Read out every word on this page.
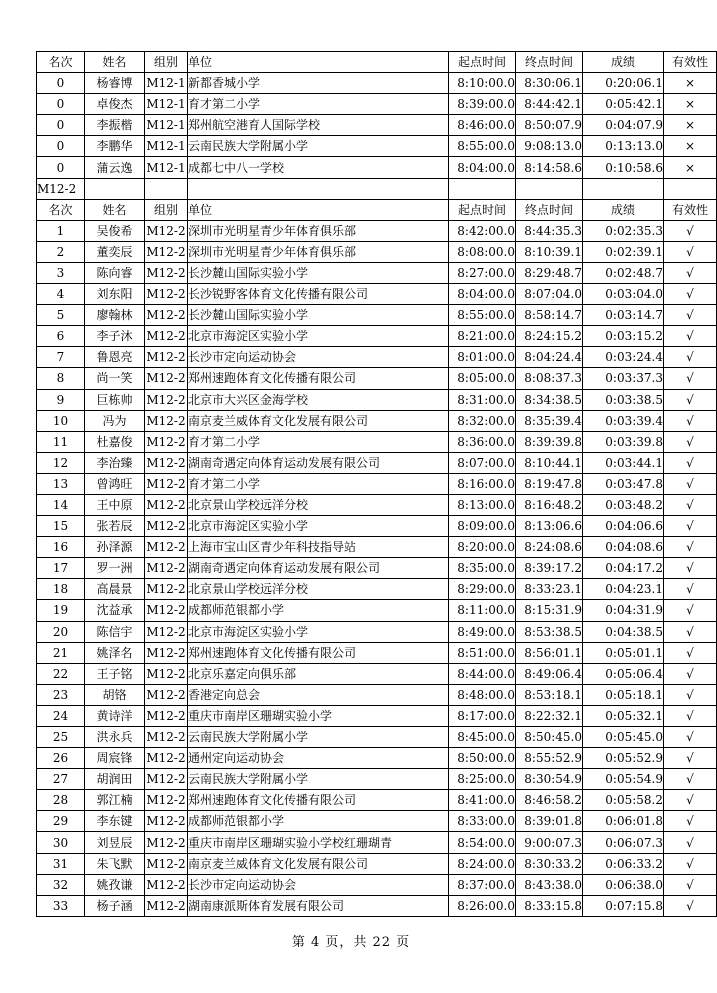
名次	姓名	组别	单位	起点时间	终点时间	成绩	有效性
0	杨睿博	M12-1	新都香城小学	8:10:00.0	8:30:06.1	0:20:06.1	×
0	卓俊杰	M12-1	育才第二小学	8:39:00.0	8:44:42.1	0:05:42.1	×
0	李振楷	M12-1	郑州航空港育人国际学校	8:46:00.0	8:50:07.9	0:04:07.9	×
0	李鹏华	M12-1	云南民族大学附属小学	8:55:00.0	9:08:13.0	0:13:13.0	×
0	蒲云逸	M12-1	成都七中八一学校	8:04:00.0	8:14:58.6	0:10:58.6	×
M12-2							
名次	姓名	组别	单位	起点时间	终点时间	成绩	有效性
1	吴俊希	M12-2	深圳市光明星青少年体育俱乐部	8:42:00.0	8:44:35.3	0:02:35.3	√
2	董奕辰	M12-2	深圳市光明星青少年体育俱乐部	8:08:00.0	8:10:39.1	0:02:39.1	√
3	陈向睿	M12-2	长沙麓山国际实验小学	8:27:00.0	8:29:48.7	0:02:48.7	√
4	刘东阳	M12-2	长沙锐野客体育文化传播有限公司	8:04:00.0	8:07:04.0	0:03:04.0	√
5	廖翰林	M12-2	长沙麓山国际实验小学	8:55:00.0	8:58:14.7	0:03:14.7	√
6	李子沐	M12-2	北京市海淀区实验小学	8:21:00.0	8:24:15.2	0:03:15.2	√
7	鲁恩亮	M12-2	长沙市定向运动协会	8:01:00.0	8:04:24.4	0:03:24.4	√
8	尚一笑	M12-2	郑州速跑体育文化传播有限公司	8:05:00.0	8:08:37.3	0:03:37.3	√
9	巨栋帅	M12-2	北京市大兴区金海学校	8:31:00.0	8:34:38.5	0:03:38.5	√
10	冯为	M12-2	南京麦兰威体育文化发展有限公司	8:32:00.0	8:35:39.4	0:03:39.4	√
11	杜嘉俊	M12-2	育才第二小学	8:36:00.0	8:39:39.8	0:03:39.8	√
12	李治臻	M12-2	湖南奇遇定向体育运动发展有限公司	8:07:00.0	8:10:44.1	0:03:44.1	√
13	曾鸿旺	M12-2	育才第二小学	8:16:00.0	8:19:47.8	0:03:47.8	√
14	王中原	M12-2	北京景山学校远洋分校	8:13:00.0	8:16:48.2	0:03:48.2	√
15	张若辰	M12-2	北京市海淀区实验小学	8:09:00.0	8:13:06.6	0:04:06.6	√
16	孙泽源	M12-2	上海市宝山区青少年科技指导站	8:20:00.0	8:24:08.6	0:04:08.6	√
17	罗一洲	M12-2	湖南奇遇定向体育运动发展有限公司	8:35:00.0	8:39:17.2	0:04:17.2	√
18	高晨景	M12-2	北京景山学校远洋分校	8:29:00.0	8:33:23.1	0:04:23.1	√
19	沈益承	M12-2	成都师范银都小学	8:11:00.0	8:15:31.9	0:04:31.9	√
20	陈信宇	M12-2	北京市海淀区实验小学	8:49:00.0	8:53:38.5	0:04:38.5	√
21	姚泽名	M12-2	郑州速跑体育文化传播有限公司	8:51:00.0	8:56:01.1	0:05:01.1	√
22	王子铭	M12-2	北京乐嘉定向俱乐部	8:44:00.0	8:49:06.4	0:05:06.4	√
23	胡铬	M12-2	香港定向总会	8:48:00.0	8:53:18.1	0:05:18.1	√
24	黄诗洋	M12-2	重庆市南岸区珊瑚实验小学	8:17:00.0	8:22:32.1	0:05:32.1	√
25	洪永兵	M12-2	云南民族大学附属小学	8:45:00.0	8:50:45.0	0:05:45.0	√
26	周宸锋	M12-2	通州定向运动协会	8:50:00.0	8:55:52.9	0:05:52.9	√
27	胡润田	M12-2	云南民族大学附属小学	8:25:00.0	8:30:54.9	0:05:54.9	√
28	郭江楠	M12-2	郑州速跑体育文化传播有限公司	8:41:00.0	8:46:58.2	0:05:58.2	√
29	李东键	M12-2	成都师范银都小学	8:33:00.0	8:39:01.8	0:06:01.8	√
30	刘昱辰	M12-2	重庆市南岸区珊瑚实验小学校红珊瑚青	8:54:00.0	9:00:07.3	0:06:07.3	√
31	朱飞默	M12-2	南京麦兰威体育文化发展有限公司	8:24:00.0	8:30:33.2	0:06:33.2	√
32	姚孜谦	M12-2	长沙市定向运动协会	8:37:00.0	8:43:38.0	0:06:38.0	√
33	杨子涵	M12-2	湖南康派斯体育发展有限公司	8:26:00.0	8:33:15.8	0:07:15.8	√
第 4 页，共 22 页
